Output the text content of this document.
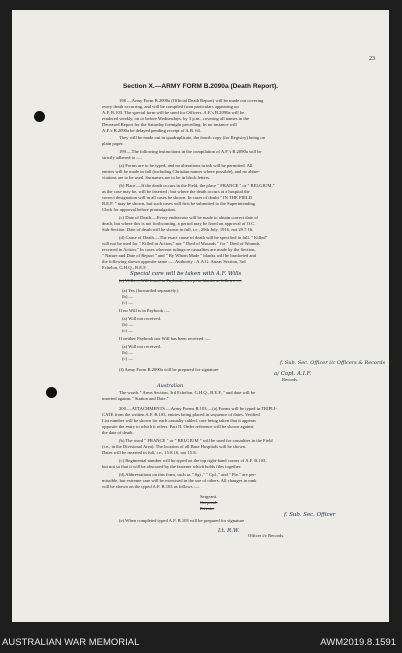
23
Section X.—ARMY FORM B.2090a (Death Report).
198.—Army Form B.2090a (Official Death Report) will be made out covering
every death occurring, and will be compiled from particulars appearing on
A.F. B.103. The special form will be used for Officers. A.F.'s B.2090a will be
rendered weekly, on or before Wednesdays, by 3 p.m., covering all names in the
Deceased Report for the Saturday fortnight preceding. In no instance will
A.F.'s B.2090a be delayed pending receipt of A.B. 64.
They will be made out in quadruplicate, the fourth copy (for Registry) being on
plain paper.
199.—The following instructions in the compilation of A.F.'s B.2090a will be
strictly adhered to :—
(a) Forms are to be typed, and no alterations in ink will be permitted. All
entries will be made in full (including Christian names where possible), and no abbre-
viations are to be used. Surnames are to be in block letters.
(b) Place.—If the death occurs in the Field, the place " FRANCE " or " BELGIUM,"
as the case may be, will be inserted ; but where the death occurs at a hospital the
correct designation will in all cases be shown. In cases of doubt " IN THE FIELD
B.E.F. " may be shown, but such cases will first be submitted to the Superintending
Clerk for approval before promulgation.
(c) Date of Death.—Every endeavour will be made to obtain correct date of
death, but where this is not forthcoming, a period may be fixed on approval of O.C.
Sub-Section. Date of death will be shown in full, i.e., 29th July, 1916, not 29.7.16.
(d) Cause of Death.—The exact cause of death will be specified in full. " Killed"
will not be used for " Killed in Action," nor " Died of Wounds " for " Died of Wounds
received in Action." In cases whereon rulings re casualties are made by the Section,
" Nature and Date of Report " and " By Whom Made " blanks will be bracketed and
the following shown opposite same :— Authority : A.A.G. Anzac Section, 3rd
Echelon, G.H.Q., B.E.F.
Special care will be taken with A.F. Wills
(e) Wills.—Will found in Paybook, except in blanks as follows :—
(a) Yes (forwarded separately.)
(b) —
(c) —
If no Will is in Paybook :—
(a) Will not received.
(b) —
(c) —
If neither Paybook nor Will has been received :—
(a) Will not received.
(b) —
(c) —
(f) Army Form B.2090a will be prepared for signature
f. Sub. Sec. Officer i/c Officers & Records
a/ Capt. A.I.F.
Records.
Australian
The words " Arms Section, 3rd Echelon, G.H.Q., B.E.F.," and date will be
inserted against " Station and Date."
200.—ATTACHMENTS.—Army Forms B.103.—(a) Forms will be typed in TRIPLI-
CATE from the written A.F. B.103, entries being placed in sequence of dates. Verified
List number will be shown for each casualty cabled, care being taken that it appears
opposite the entry to which it refers. Part II. Order reference will be shown against
the date of death.
(b) The word " FRANCE " or " BELGIUM " will be used for casualties in the Field
(i.e., in the Divisional Area). The location of all Base Hospitals will be shown.
Dates will be inserted in full, i.e., 15.8.16, not 15.8.
(c) Regimental number will be typed on the top right-hand corner of A.F. B.103,
but not so that it will be obscured by the fastener which holds files together.
(d) Abbreviations on this form, such as " Sgt.," " Cpl.," and " Pte." are per-
missible, but extreme care will be exercised in the use of others. All changes in rank
will be shown on the typed A.F. B.103 as follows :—
Sergeant.
Corporal.
Private.
(e) When completed typed A.F. B.103 will be prepared for signature
f. Sub. Sec. Officer
Lt. R.W.
Officer i/c Records.
AUSTRALIAN WAR MEMORIAL	AWM2019.8.1591
